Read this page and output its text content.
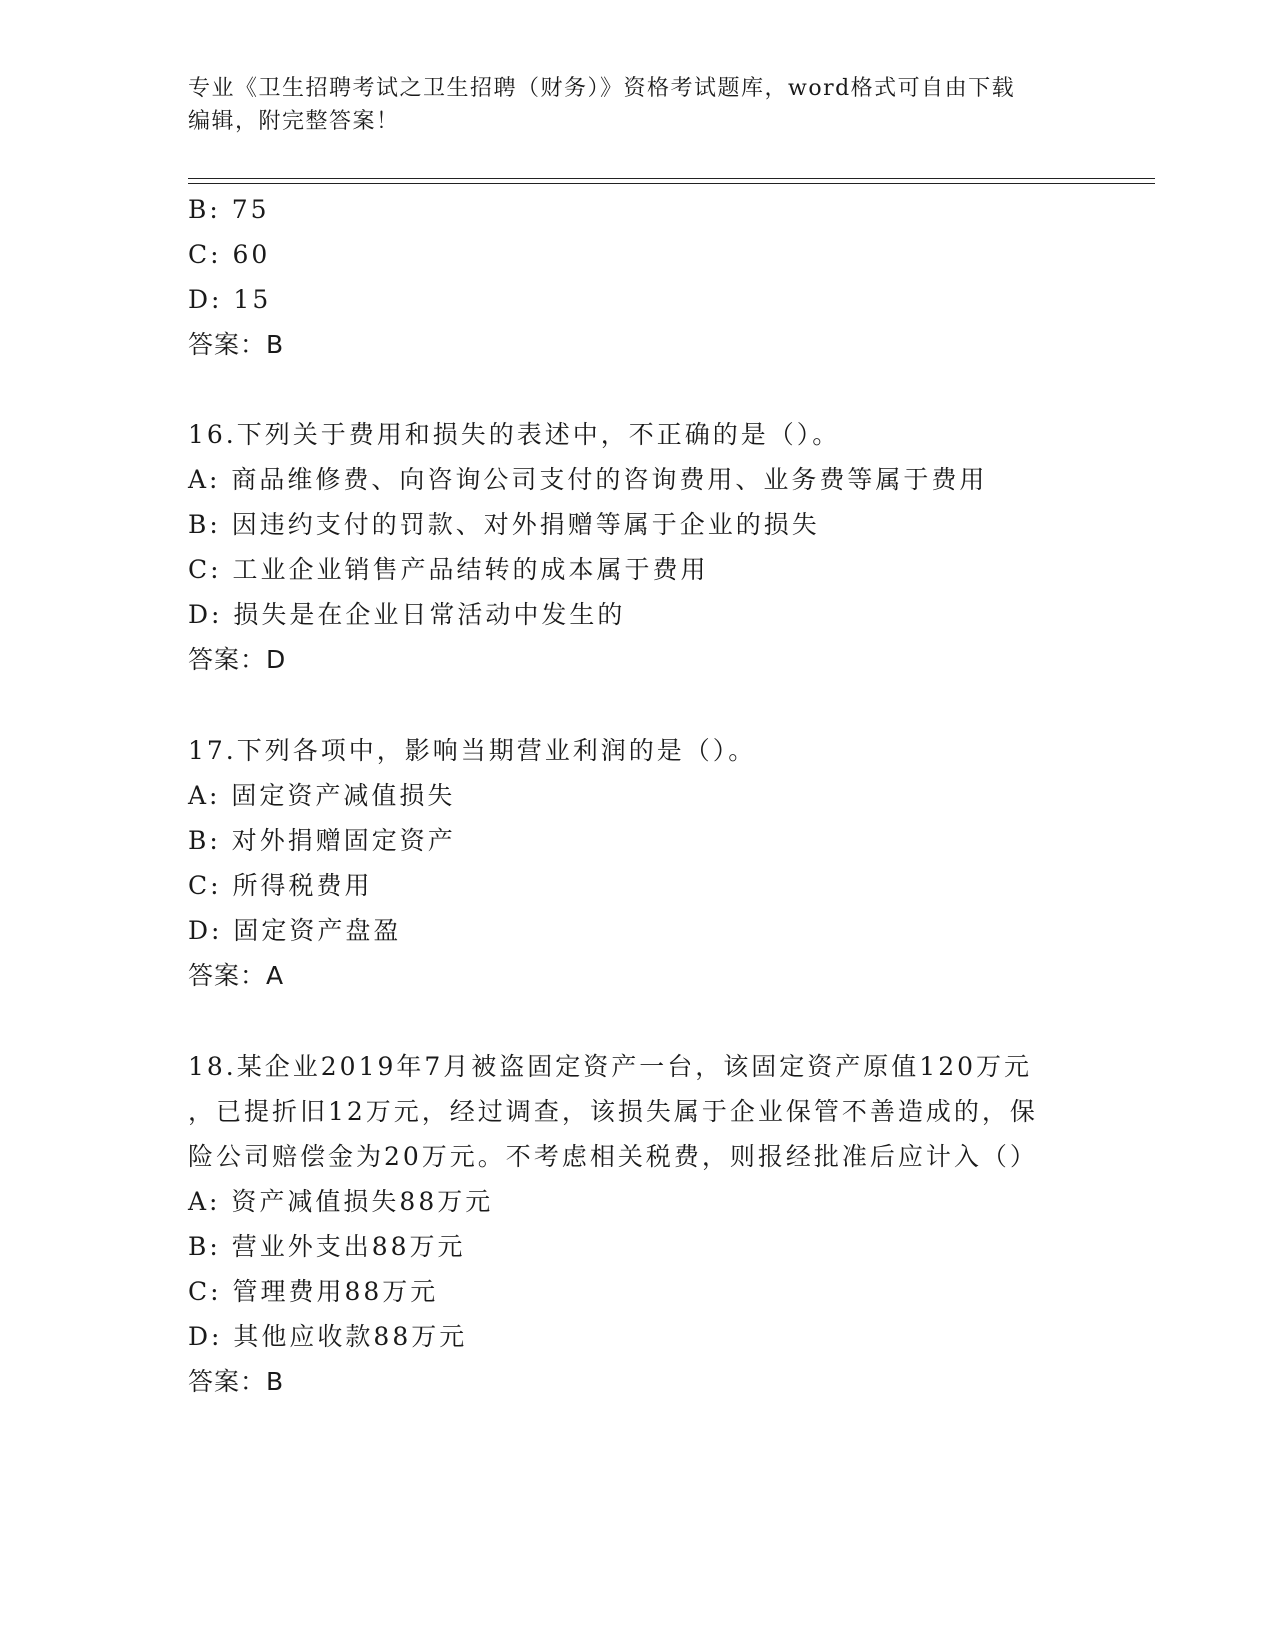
专业《卫生招聘考试之卫生招聘（财务）》资格考试题库，word格式可自由下载
编辑，附完整答案！
B: 75
C: 60
D: 15
答案：B
16.下列关于费用和损失的表述中，不正确的是（）。
A: 商品维修费、向咨询公司支付的咨询费用、业务费等属于费用
B: 因违约支付的罚款、对外捐赠等属于企业的损失
C: 工业企业销售产品结转的成本属于费用
D: 损失是在企业日常活动中发生的
答案：D
17.下列各项中，影响当期营业利润的是（）。
A: 固定资产减值损失
B: 对外捐赠固定资产
C: 所得税费用
D: 固定资产盘盈
答案：A
18.某企业2019年7月被盗固定资产一台，该固定资产原值120万元
，已提折旧12万元，经过调查，该损失属于企业保管不善造成的，保
险公司赔偿金为20万元。不考虑相关税费，则报经批准后应计入（）
A: 资产减值损失88万元
B: 营业外支出88万元
C: 管理费用88万元
D: 其他应收款88万元
答案：B
